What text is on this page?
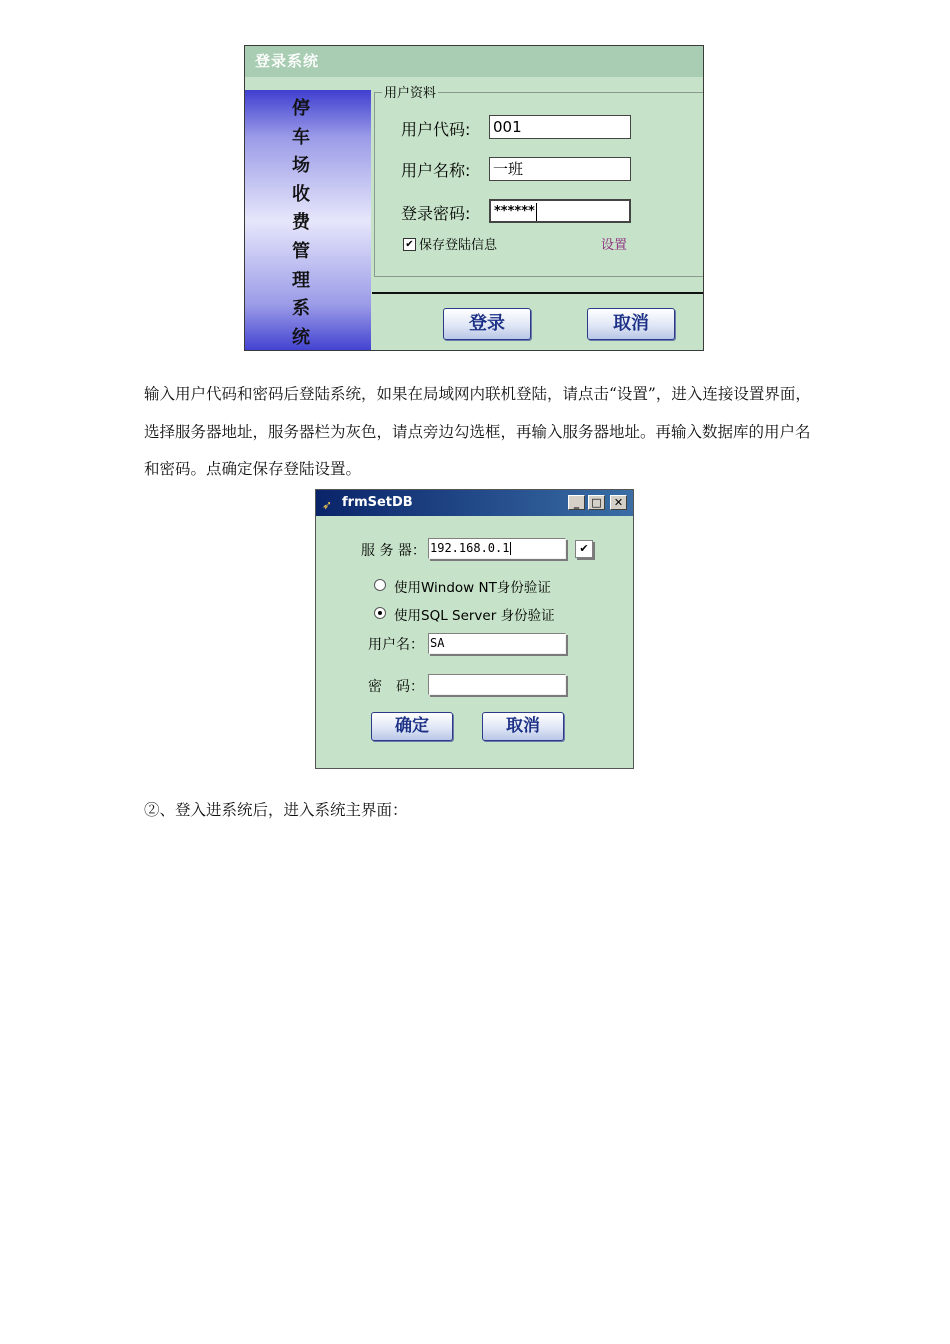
登录系统
停
车
场
收
费
管
理
系
统
用户资料
用户代码: 001
用户名称: 一班
登录密码:	******
✔ 保存登陆信息	设置
登录	取消
输入用户代码和密码后登陆系统，如果在局域网内联机登陆，请点击“设置”，进入连接设置界面，选择服务器地址，服务器栏为灰色，请点旁边勾选框，再输入服务器地址。再输入数据库的用户名和密码。点确定保存登陆设置。
➶ frmSetDB	_	□	✕
服 务 器： 192.168.0.1	✔
使用Window NT身份验证
使用SQL Server 身份验证
用户名： SA
密　码：
确定	取消
②、登入进系统后，进入系统主界面：
